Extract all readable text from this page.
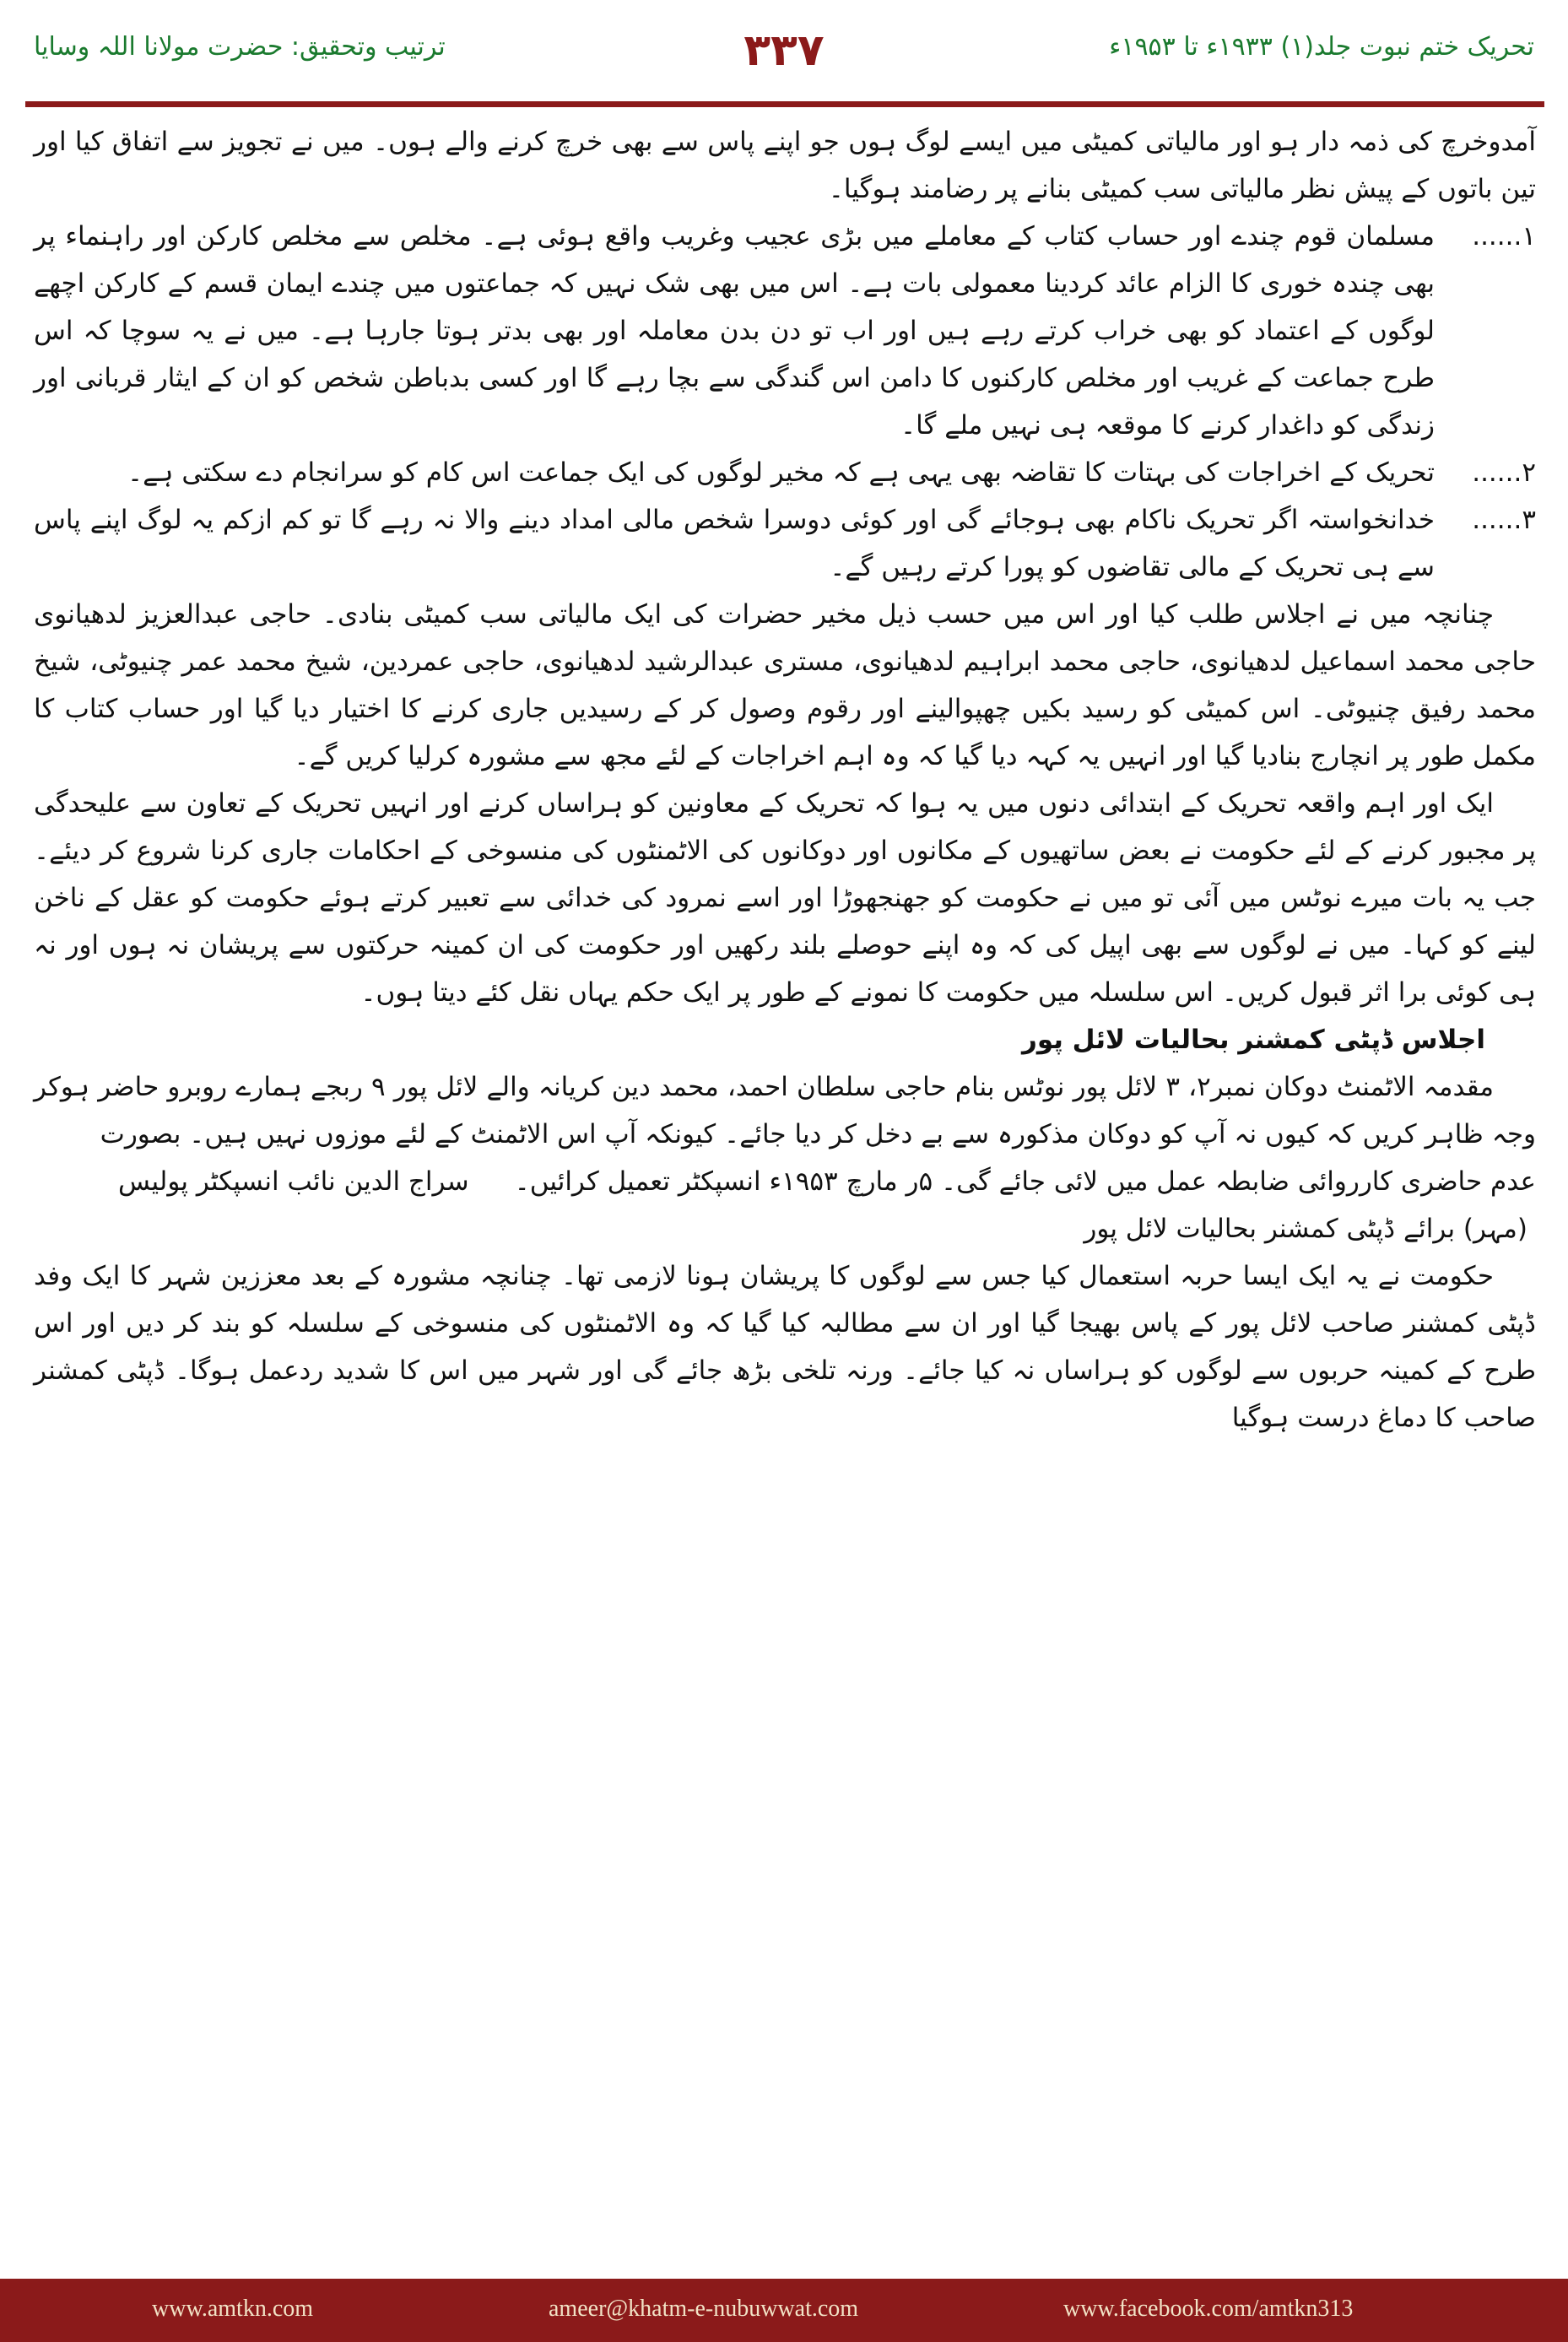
تحریک ختم نبوت جلد(۱) ۱۹۳۳ء تا ۱۹۵۳ء
۳۳۷
ترتیب وتحقیق: حضرت مولانا اللہ وسایا

آمدوخرچ کی ذمہ دار ہو اور مالیاتی کمیٹی میں ایسے لوگ ہوں جو اپنے پاس سے بھی خرچ کرنے والے ہوں۔ میں نے تجویز سے اتفاق کیا اور تین باتوں کے پیش نظر مالیاتی سب کمیٹی بنانے پر رضامند ہوگیا۔

۱......
مسلمان قوم چندے اور حساب کتاب کے معاملے میں بڑی عجیب وغریب واقع ہوئی ہے۔ مخلص سے مخلص کارکن اور راہنماء پر بھی چندہ خوری کا الزام عائد کردینا معمولی بات ہے۔ اس میں بھی شک نہیں کہ جماعتوں میں چندے ایمان قسم کے کارکن اچھے لوگوں کے اعتماد کو بھی خراب کرتے رہے ہیں اور اب تو دن بدن معاملہ اور بھی بدتر ہوتا جارہا ہے۔ میں نے یہ سوچا کہ اس طرح جماعت کے غریب اور مخلص کارکنوں کا دامن اس گندگی سے بچا رہے گا اور کسی بدباطن شخص کو ان کے ایثار قربانی اور زندگی کو داغدار کرنے کا موقعہ ہی نہیں ملے گا۔
۲......
تحریک کے اخراجات کی بہتات کا تقاضہ بھی یہی ہے کہ مخیر لوگوں کی ایک جماعت اس کام کو سرانجام دے سکتی ہے۔
۳......
خدانخواستہ اگر تحریک ناکام بھی ہوجائے گی اور کوئی دوسرا شخص مالی امداد دینے والا نہ رہے گا تو کم ازکم یہ لوگ اپنے پاس سے ہی تحریک کے مالی تقاضوں کو پورا کرتے رہیں گے۔

چنانچہ میں نے اجلاس طلب کیا اور اس میں حسب ذیل مخیر حضرات کی ایک مالیاتی سب کمیٹی بنادی۔ حاجی عبدالعزیز لدھیانوی حاجی محمد اسماعیل لدھیانوی، حاجی محمد ابراہیم لدھیانوی، مستری عبدالرشید لدھیانوی، حاجی عمردین، شیخ محمد عمر چنیوٹی، شیخ محمد رفیق چنیوٹی۔ اس کمیٹی کو رسید بکیں چھپوالینے اور رقوم وصول کر کے رسیدیں جاری کرنے کا اختیار دیا گیا اور حساب کتاب کا مکمل طور پر انچارج بنادیا گیا اور انہیں یہ کہہ دیا گیا کہ وہ اہم اخراجات کے لئے مجھ سے مشورہ کرلیا کریں گے۔

ایک اور اہم واقعہ تحریک کے ابتدائی دنوں میں یہ ہوا کہ تحریک کے معاونین کو ہراساں کرنے اور انہیں تحریک کے تعاون سے علیحدگی پر مجبور کرنے کے لئے حکومت نے بعض ساتھیوں کے مکانوں اور دوکانوں کی الاٹمنٹوں کی منسوخی کے احکامات جاری کرنا شروع کر دیئے۔ جب یہ بات میرے نوٹس میں آئی تو میں نے حکومت کو جھنجھوڑا اور اسے نمرود کی خدائی سے تعبیر کرتے ہوئے حکومت کو عقل کے ناخن لینے کو کہا۔ میں نے لوگوں سے بھی اپیل کی کہ وہ اپنے حوصلے بلند رکھیں اور حکومت کی ان کمینہ حرکتوں سے پریشان نہ ہوں اور نہ ہی کوئی برا اثر قبول کریں۔ اس سلسلہ میں حکومت کا نمونے کے طور پر ایک حکم یہاں نقل کئے دیتا ہوں۔

اجلاس ڈپٹی کمشنر بحالیات لائل پور

مقدمہ الاٹمنٹ دوکان نمبر۲، ۳ لائل پور نوٹس بنام حاجی سلطان احمد، محمد دین کریانہ والے لائل پور ۹ ربجے ہمارے روبرو حاضر ہوکر وجہ ظاہر کریں کہ کیوں نہ آپ کو دوکان مذکورہ سے بے دخل کر دیا جائے۔ کیونکہ آپ اس الاٹمنٹ کے لئے موزوں نہیں ہیں۔ بصورت

عدم حاضری کارروائی ضابطہ عمل میں لائی جائے گی۔ ۵ر مارچ ۱۹۵۳ء انسپکٹر تعمیل کرائیں۔
سراج الدین نائب انسپکٹر پولیس

(مہر) برائے ڈپٹی کمشنر بحالیات لائل پور

حکومت نے یہ ایک ایسا حربہ استعمال کیا جس سے لوگوں کا پریشان ہونا لازمی تھا۔ چنانچہ مشورہ کے بعد معززین شہر کا ایک وفد ڈپٹی کمشنر صاحب لائل پور کے پاس بھیجا گیا اور ان سے مطالبہ کیا گیا کہ وہ الاٹمنٹوں کی منسوخی کے سلسلہ کو بند کر دیں اور اس طرح کے کمینہ حربوں سے لوگوں کو ہراساں نہ کیا جائے۔ ورنہ تلخی بڑھ جائے گی اور شہر میں اس کا شدید ردعمل ہوگا۔ ڈپٹی کمشنر صاحب کا دماغ درست ہوگیا

www.amtkn.com	ameer@khatm-e-nubuwwat.com	www.facebook.com/amtkn313
